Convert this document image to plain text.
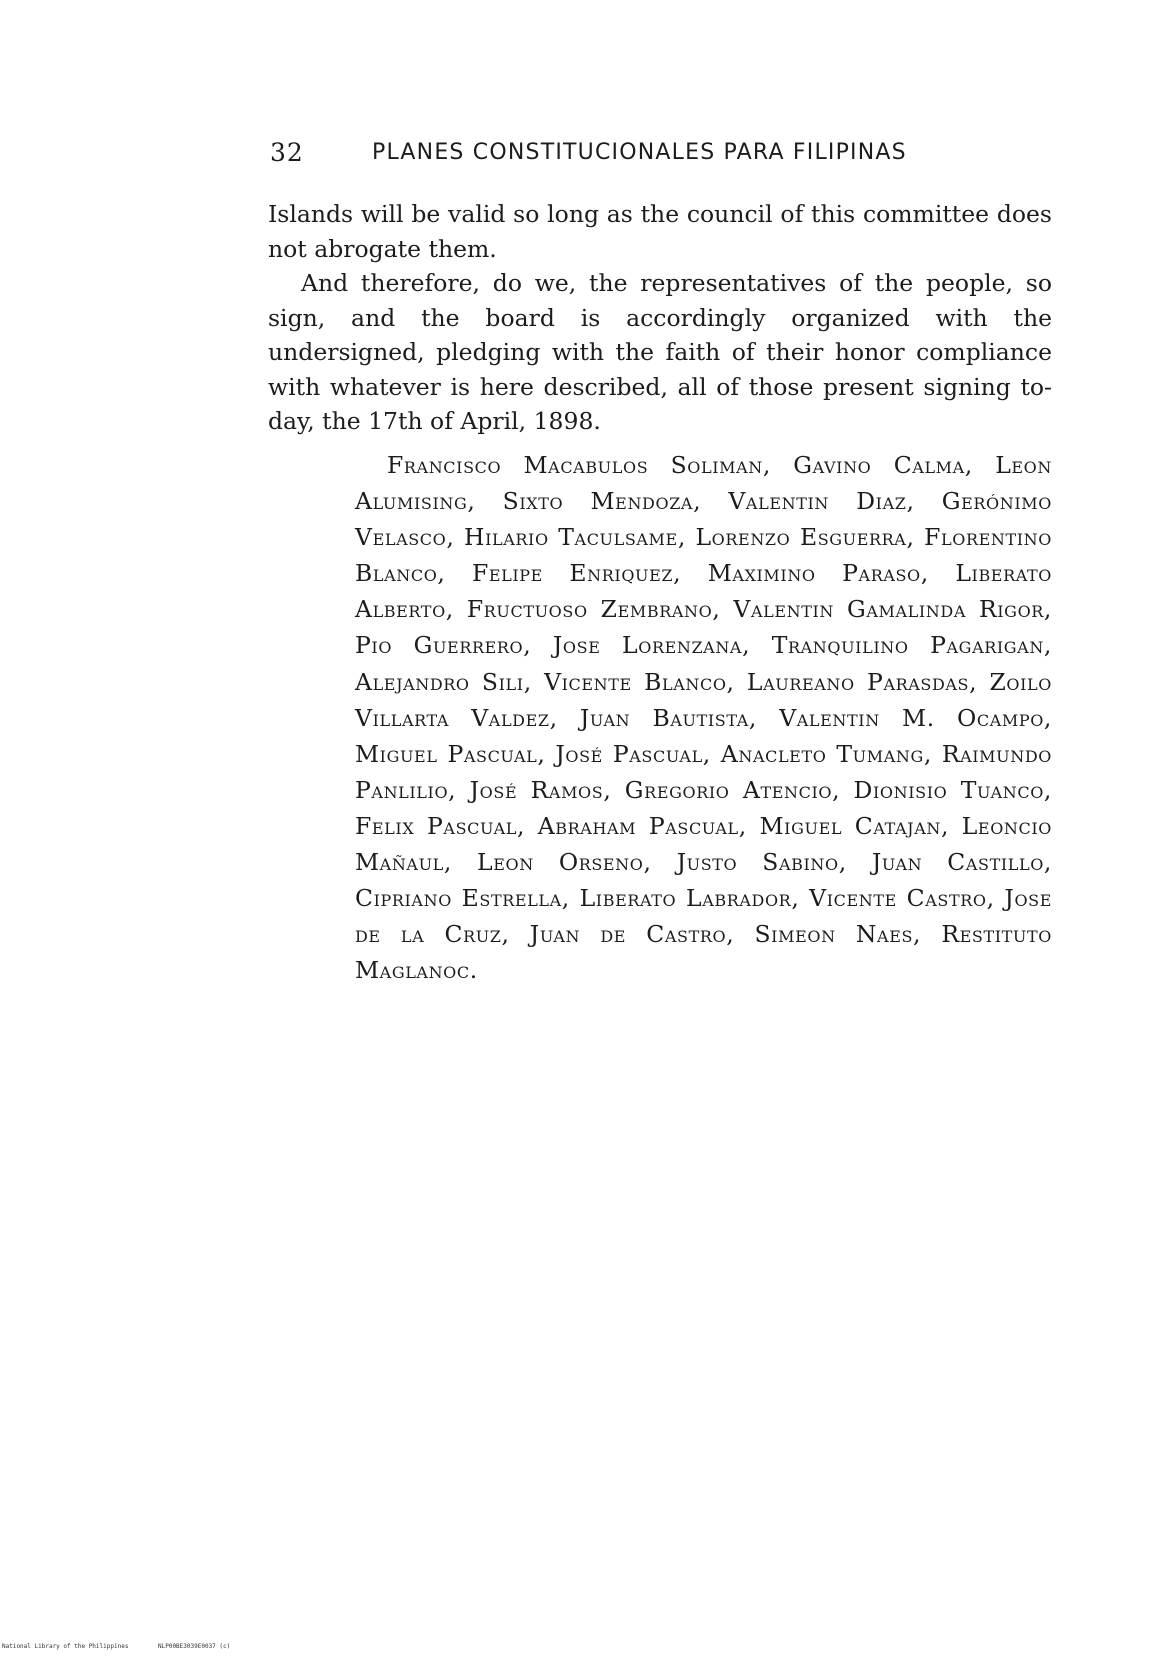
32	PLANES CONSTITUCIONALES PARA FILIPINAS

Islands will be valid so long as the council of this committee does not abrogate them.

And therefore, do we, the representatives of the people, so sign, and the board is accordingly organized with the undersigned, pledging with the faith of their honor compliance with whatever is here described, all of those present signing to-day, the 17th of April, 1898.

Francisco Macabulos Soliman, Gavino Calma, Leon Alumising, Sixto Mendoza, Valentin Diaz, Gerónimo Velasco, Hilario Taculsame, Lorenzo Esguerra, Florentino Blanco, Felipe Enriquez, Maximino Paraso, Liberato Alberto, Fructuoso Zembrano, Valentin Gamalinda Rigor, Pio Guerrero, Jose Lorenzana, Tranquilino Pagarigan, Alejandro Sili, Vicente Blanco, Laureano Parasdas, Zoilo Villarta Valdez, Juan Bautista, Valentin M. Ocampo, Miguel Pascual, José Pascual, Anacleto Tumang, Raimundo Panlilio, José Ramos, Gregorio Atencio, Dionisio Tuanco, Felix Pascual, Abraham Pascual, Miguel Catajan, Leoncio Mañaul, Leon Orseno, Justo Sabino, Juan Castillo, Cipriano Estrella, Liberato Labrador, Vicente Castro, Jose de la Cruz, Juan de Castro, Simeon Naes, Restituto Maglanoc.

National Library of the Philippines	NLP00BE3039E0037 (c)
